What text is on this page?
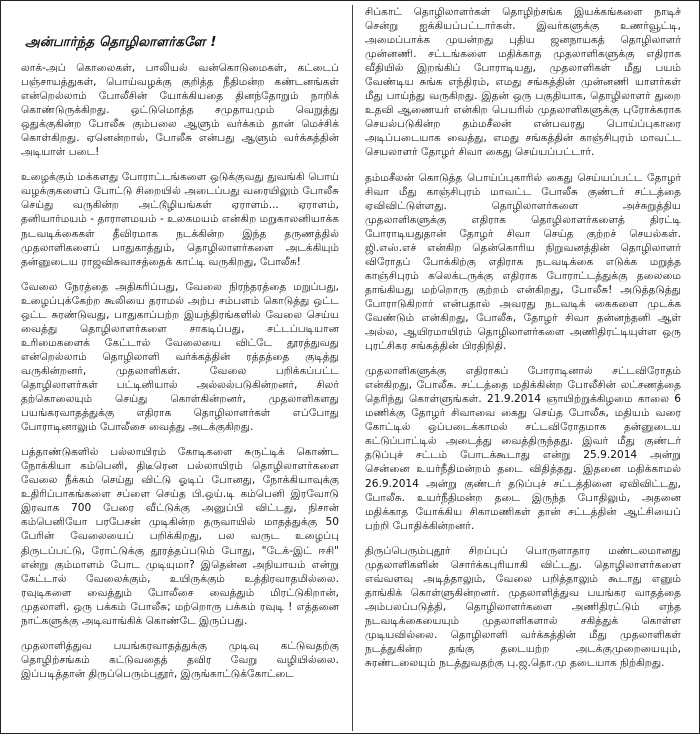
அன்பார்ந்த தொழிலாளர்களே !

லாக்-அப் கொலைகள், பாலியல் வன்கொடுமைகள், கட்டைப் பஞ்சாயத்துகள், பொய்வழக்கு குறித்த நீதிமன்ற கண்டனங்கள் என்றெல்லாம் போலீசின் யோக்கியதை தினந்தோறும் நாறிக் கொண்டுருக்கிறது. ஒட்டுமொத்த சமுதாயமும் வெறுத்து ஒதுக்குகின்ற போலீசு கும்பலை ஆளும் வர்க்கம் தான் மெச்சிக் கொள்கிறது. ஏனென்றால், போலீசு என்பது ஆளும் வர்க்கத்தின் அடியாள் படை!

உழைக்கும் மக்களது போராட்டங்களை ஒடுக்குவது துவங்கி பொய் வழக்குகளைப் போட்டு சிறையில் அடைப்பது வரையிலும் போலீசு செய்து வருகின்ற அட்டூழியங்கள் ஏராளம்... ஏராளம், தனியார்மயம் - தாராளமயம் - உலகமயம் என்கிற மறுகாலனியாக்க நடவடிக்கைகள் தீவிரமாக நடக்கின்ற இந்த தருணத்தில் முதலாளிகளைப் பாதுகாத்தும், தொழிலாளர்களை அடக்கியும் தன்னுடைய ராஜவிசுவாசத்தைக் காட்டி வருகிறது, போலீசு!

வேலை நேரத்தை அதிகரிப்பது, வேலை நிரந்தரத்தை மறுப்பது, உழைப்புக்கேற்ற கூலியை தராமல் அற்ப சம்பளம் கொடுத்து ஒட்ட ஒட்ட சுரண்டுவது, பாதுகாப்பற்ற இயந்திரங்களில் வேலை செய்ய வைத்து தொழிலாளர்களை சாகடிப்பது, சட்டப்படியான உரிமைகளைக் கேட்டால் வேலையை விட்டே தூரத்துவது என்றெல்லாம் தொழிலாளி வர்க்கத்தின் ரத்தத்தை குடித்து வருகின்றனர், முதலாளிகள். வேலை பறிக்கப்பட்ட தொழிலாளர்கள் பட்டினியால் அல்லல்படுகின்றனர், சிலர் தற்கொலையும் செய்து கொள்கின்றனர், முதலாளிகளது பயங்கரவாதத்துக்கு எதிராக தொழிலாளர்கள் எப்போது போராடினாலும் போலீசை வைத்து அடக்குகிறது.

பத்தாண்டுகளில் பல்லாயிரம் கோடிகளை சுருட்டிக் கொண்ட நோக்கியா கம்பெனி, திடீரென பல்லாயிரம் தொழிலாளர்களை வேலை நீக்கம் செய்து விட்டு ஓடிப் போனது, நோக்கியாவுக்கு உதிரிப்பாகங்களை சப்ளை செய்த பி.ஒய்.டி கம்பெனி இரவோடு இரவாக 700 பேரை வீட்டுக்கு அனுப்பி விட்டது, நிசான் கம்பெனியோ பரபேசன் முடிகின்ற தருவாயில் மாதத்துக்கு 50 பேரின் வேலையைப் பறிக்கிறது, பல வருட உழைப்பு திருடப்பட்டு, ரோட்டுக்கு தூரத்தப்படும் போது, "டேக்-இட் ஈசி" என்று கும்மாளம் போட முடியுமா? இதென்ன அநியாயம் என்று கேட்டால் வேலைக்கும், உயிருக்கும் உத்திரவாதமில்லை. ரவுடிகளை வைத்தும் போலீசை வைத்தும் மிரட்டுகிறான், முதலாளி. ஒரு பக்கம் போலீசு; மற்றொரு பக்கம் ரவுடி ! எத்தனை நாட்களுக்கு அடிவாங்கிக் கொண்டே இருப்பது.

முதலாளித்துவ பயங்கரவாதத்துக்கு முடிவு கட்டுவதற்கு தொழிற்சங்கம் கட்டுவதைத் தவிர வேறு வழியில்லை. இப்படித்தான் திருப்பெரும்புதூர், இருங்காட்டுக்கோட்டை

சிப்காட் தொழிலாளர்கள் தொழிற்சங்க இயக்கங்களை நாடிச் சென்று ஐக்கியப்பட்டார்கள். இவர்களுக்கு உணர்வூட்டி, அமைப்பாக்க முயன்றது புதிய ஜனநாயகத் தொழிலாளர் முன்னணி. சட்டங்களை மதிக்காத முதலாளிகளுக்கு எதிராக வீதியில் இறங்கிப் போராடியது, முதலாளிகள் மீது பயம் வேண்டிய சுங்க எந்திரம், எமது சங்கத்தின் முன்னணி யாளர்கள் மீது பாய்ந்து வருகிறது. இதன் ஒரு பகுதியாக, தொழிலாளர் துறை உதவி ஆணையர் என்கிற பெயரில் முதலாளிகளுக்கு புரோக்கராக செயல்படுகின்ற தம்மசீலன் என்பவரது பொய்ப்புகாரை அடிப்படையாக வைத்து, எமது சங்கத்தின் காஞ்சிபுரம் மாவட்ட செயலாளர் தோழர் சிவா கைது செய்யப்பட்டார்.

தம்மசீலன் கொடுத்த பொய்ப்புகாரில் கைது செய்யப்பட்ட தோழர் சிவா மீது காஞ்சிபுரம் மாவட்ட போலீசு குண்டர் சட்டத்தை ஏவிவிட்டுள்ளது. தொழிலாளர்களை அச்சுறுத்திய முதலாளிகளுக்கு எதிராக தொழிலாளர்களைத் திரட்டி போராடியதுதான் தோழர் சிவா செய்த குற்றச் செயல்கள். ஜி.எஸ்.எச் என்கிற தென்கொரிய நிறுவனத்தின் தொழிலாளர் விரோதப் போக்கிற்கு எதிராக நடவடிக்கை எடுக்க மறுத்த காஞ்சிபுரம் கலெக்டருக்கு எதிராக போராட்டத்துக்கு தலைமை தாங்கியது மற்றொரு குற்றம் என்கிறது, போலீசு! அடுத்தடுத்து போராடுகிறார் என்பதால் அவரது நடவடிக் கைகளை முடக்க வேண்டும் என்கிறது, போலீசு, தோழர் சிவா தன்னந்தனி ஆள் அல்ல, ஆயிரமாயிரம் தொழிலாளர்களை அணிதிரட்டியுள்ள ஒரு புரட்சிகர சங்கத்தின் பிரதிநிதி.

முதலாளிகளுக்கு எதிராகப் போராடினால் சட்டவிரோதம் என்கிறது, போலீசு. சட்டத்தை மதிக்கின்ற போலீசின் லட்சணத்தை தெரிந்து கொள்ளுங்கள். 21.9.2014 ஞாயிற்றுக்கிழமை காலை 6 மணிக்கு தோழர் சிவாவை கைது செய்த போலீசு, மதியம் வரை கோட்டில் ஒப்படைக்காமல் சட்டவிரோதமாக தன்னுடைய கட்டுப்பாட்டில் அடைத்து வைத்திருந்தது. இவர் மீது குண்டர் தடுப்புச் சட்டம் போடக்கூடாது என்று 25.9.2014 அன்று சென்னை உயர்நீதிமன்றம் தடை விதித்தது. இதனை மதிக்காமல் 26.9.2014 அன்று குண்டர் தடுப்புச் சட்டத்தினை ஏவிவிட்டது, போலீசு. உயர்நீதிமன்ற தடை இருந்த போதிலும், அதனை மதிக்காத யோக்கிய சிகாமணிகள் தான் சட்டத்தின் ஆட்சியைப் பற்றி போதிக்கின்றனர்.

திருப்பெரும்புதூர் சிறப்புப் பொருளாதார மண்டலமானது முதலாளிகளின் சொர்க்கபுரியாகி விட்டது. தொழிலாளர்களை எவ்வளவு அடித்தாலும், வேலை பறித்தாலும் கூடாது எனும் தாங்கிக் கொள்ளுகின்றனர். முதலாளித்துவ பயங்கர வாதத்தை அம்பலப்படுத்தி, தொழிலாளர்களை அணிதிரட்டும் எந்த நடவடிக்கையையும் முதலாளிகளால் சகித்துக் கொள்ள முடியவில்லை. தொழிலாளி வர்க்கத்தின் மீது முதலாளிகள் நடத்துகின்ற தங்கு தடையற்ற அடக்குமுறையையும், சுரண்டலையும் நடத்துவதற்கு பு.ஜ.தொ.மு தடையாக நிற்கிறது.
